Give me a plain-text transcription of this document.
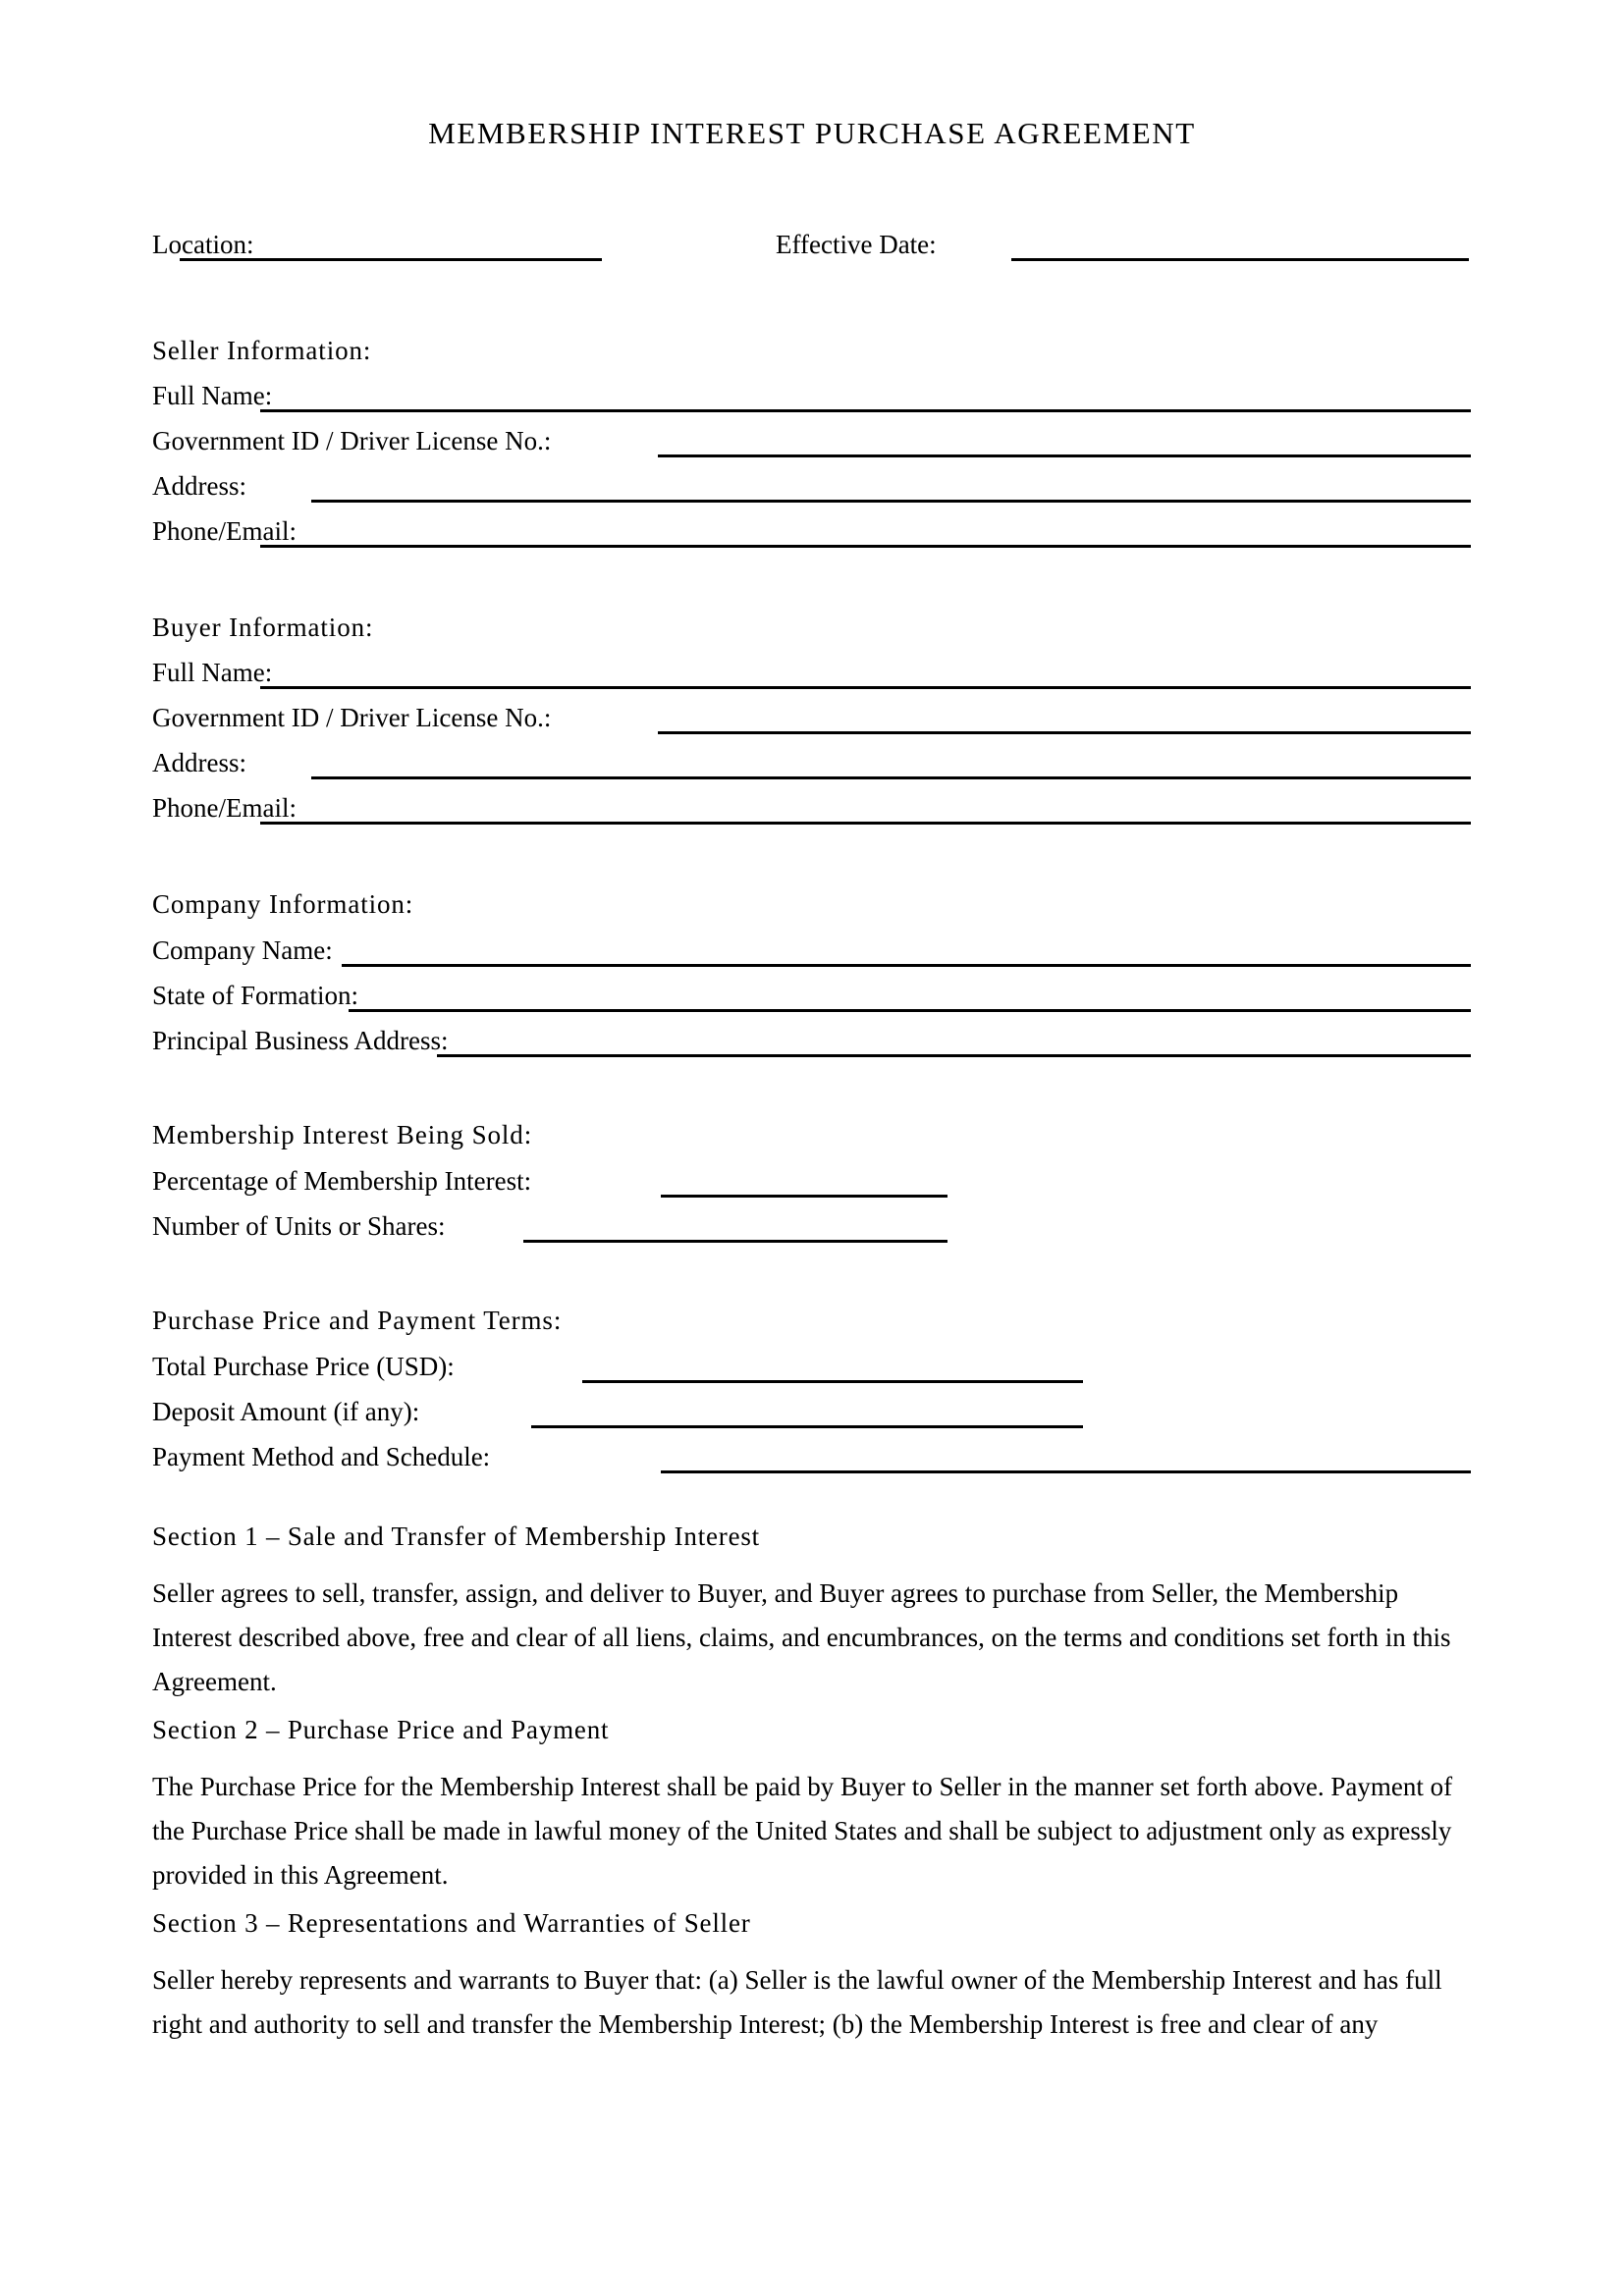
MEMBERSHIP INTEREST PURCHASE AGREEMENT
Location:	Effective Date:
Seller Information:
Full Name:
Government ID / Driver License No.:
Address:
Phone/Email:
Buyer Information:
Full Name:
Government ID / Driver License No.:
Address:
Phone/Email:
Company Information:
Company Name:
State of Formation:
Principal Business Address:
Membership Interest Being Sold:
Percentage of Membership Interest:
Number of Units or Shares:
Purchase Price and Payment Terms:
Total Purchase Price (USD):
Deposit Amount (if any):
Payment Method and Schedule:
Section 1 – Sale and Transfer of Membership Interest
Seller agrees to sell, transfer, assign, and deliver to Buyer, and Buyer agrees to purchase from Seller, the Membership Interest described above, free and clear of all liens, claims, and encumbrances, on the terms and conditions set forth in this Agreement.
Section 2 – Purchase Price and Payment
The Purchase Price for the Membership Interest shall be paid by Buyer to Seller in the manner set forth above. Payment of the Purchase Price shall be made in lawful money of the United States and shall be subject to adjustment only as expressly provided in this Agreement.
Section 3 – Representations and Warranties of Seller
Seller hereby represents and warrants to Buyer that: (a) Seller is the lawful owner of the Membership Interest and has full right and authority to sell and transfer the Membership Interest; (b) the Membership Interest is free and clear of any
